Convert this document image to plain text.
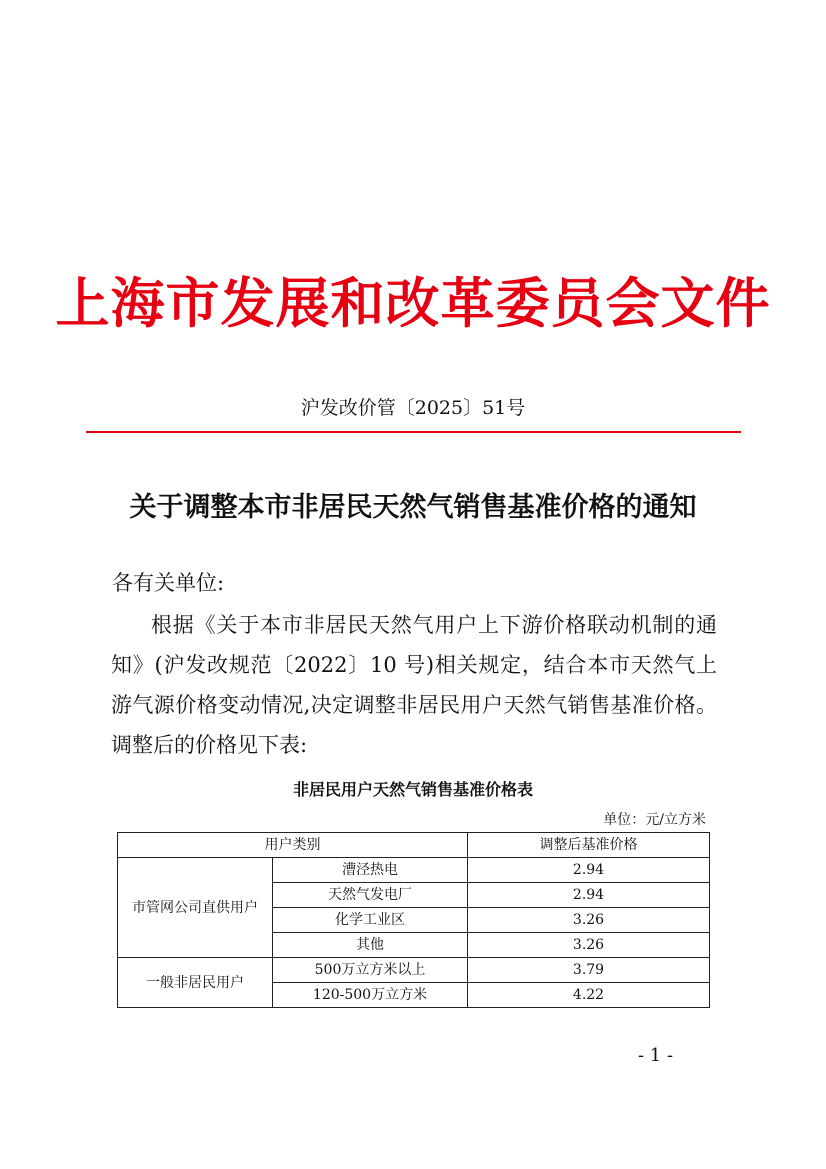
上海市发展和改革委员会文件
沪发改价管〔2025〕51号
关于调整本市非居民天然气销售基准价格的通知
各有关单位:
根据《关于本市非居民天然气用户上下游价格联动机制的通
知》(沪发改规范〔2022〕10 号)相关规定，结合本市天然气上
游气源价格变动情况,决定调整非居民用户天然气销售基准价格。
调整后的价格见下表:
非居民用户天然气销售基准价格表
单位：元/立方米
用户类别		调整后基准价格
市管网公司直供用户	漕泾热电	2.94
	天然气发电厂	2.94
	化学工业区	3.26
	其他	3.26
一般非居民用户	500万立方米以上	3.79
	120-500万立方米	4.22
- 1 -
